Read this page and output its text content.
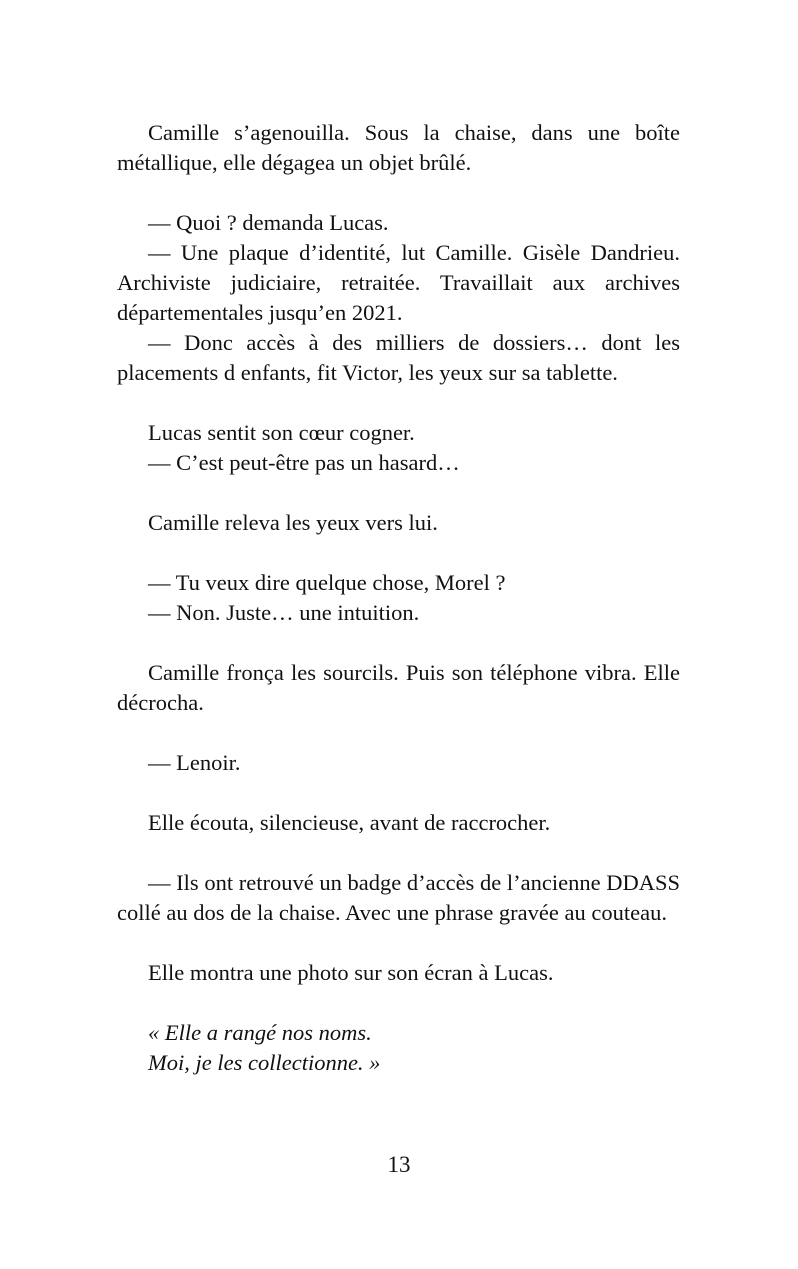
Camille s’agenouilla. Sous la chaise, dans une boîte métallique, elle dégagea un objet brûlé.

— Quoi ? demanda Lucas.

— Une plaque d’identité, lut Camille. Gisèle Dandrieu. Archiviste judiciaire, retraitée. Travaillait aux archives départementales jusqu’en 2021.

— Donc accès à des milliers de dossiers… dont les placements d enfants, fit Victor, les yeux sur sa tablette.

Lucas sentit son cœur cogner.

— C’est peut-être pas un hasard…

Camille releva les yeux vers lui.

— Tu veux dire quelque chose, Morel ?

— Non. Juste… une intuition.

Camille fronça les sourcils. Puis son téléphone vibra. Elle décrocha.

— Lenoir.

Elle écouta, silencieuse, avant de raccrocher.

— Ils ont retrouvé un badge d’accès de l’ancienne DDASS collé au dos de la chaise. Avec une phrase gravée au couteau.

Elle montra une photo sur son écran à Lucas.

« Elle a rangé nos noms.

Moi, je les collectionne. »

13
